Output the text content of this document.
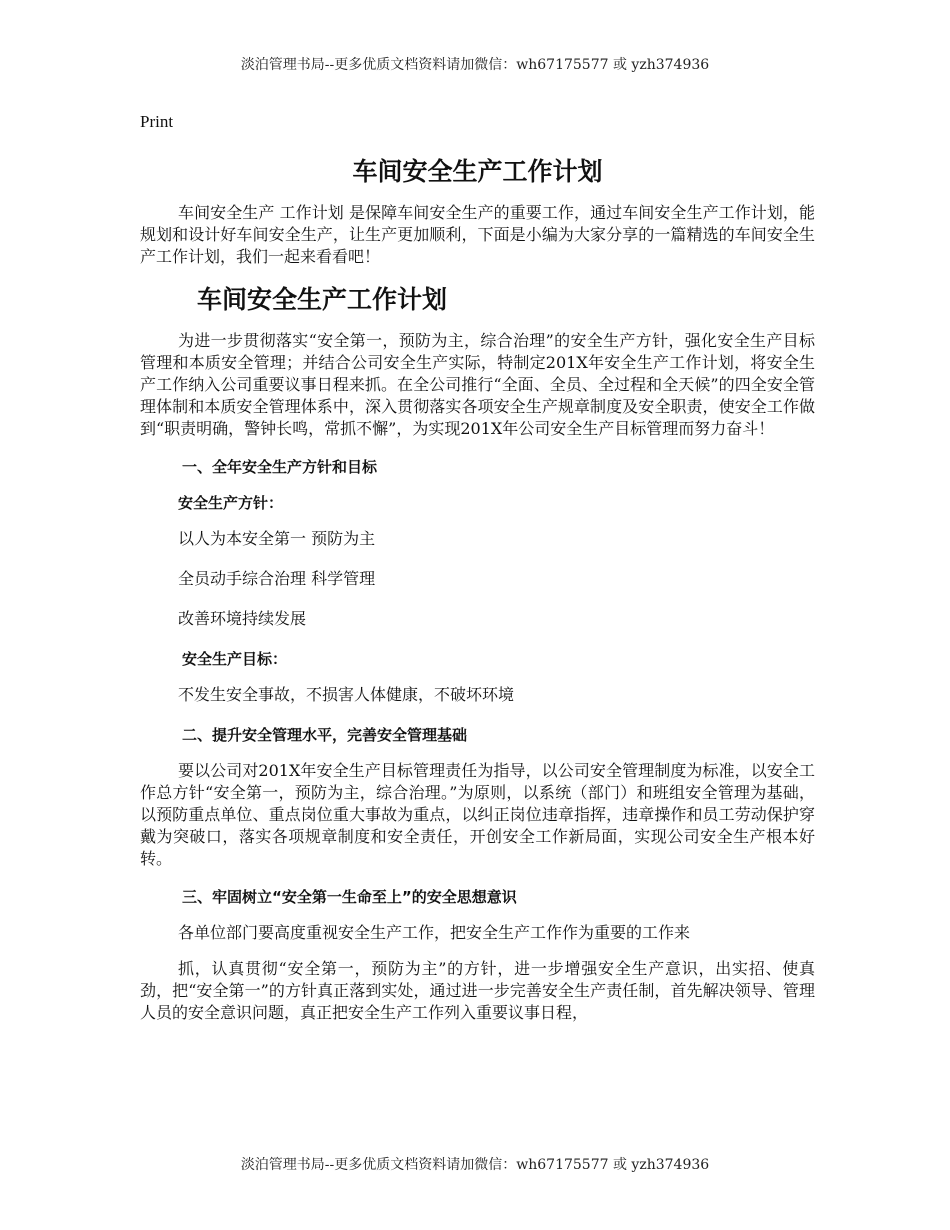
淡泊管理书局--更多优质文档资料请加微信：wh67175577 或 yzh374936
Print
车间安全生产工作计划

车间安全生产 工作计划 是保障车间安全生产的重要工作，通过车间安全生产工作计划，能规划和设计好车间安全生产，让生产更加顺利，下面是小编为大家分享的一篇精选的车间安全生产工作计划，我们一起来看看吧！

车间安全生产工作计划

为进一步贯彻落实“安全第一，预防为主，综合治理”的安全生产方针，强化安全生产目标管理和本质安全管理；并结合公司安全生产实际，特制定201X年安全生产工作计划，将安全生产工作纳入公司重要议事日程来抓。在全公司推行“全面、全员、全过程和全天候”的四全安全管理体制和本质安全管理体系中，深入贯彻落实各项安全生产规章制度及安全职责，使安全工作做到“职责明确，警钟长鸣，常抓不懈”，为实现201X年公司安全生产目标管理而努力奋斗！

一、全年安全生产方针和目标
安全生产方针：
以人为本安全第一 预防为主
全员动手综合治理 科学管理
改善环境持续发展
安全生产目标：
不发生安全事故，不损害人体健康，不破坏环境
二、提升安全管理水平，完善安全管理基础

要以公司对201X年安全生产目标管理责任为指导，以公司安全管理制度为标准，以安全工作总方针“安全第一，预防为主，综合治理。”为原则，以系统（部门）和班组安全管理为基础，以预防重点单位、重点岗位重大事故为重点，以纠正岗位违章指挥，违章操作和员工劳动保护穿戴为突破口，落实各项规章制度和安全责任，开创安全工作新局面，实现公司安全生产根本好转。

三、牢固树立“安全第一生命至上”的安全思想意识

各单位部门要高度重视安全生产工作，把安全生产工作作为重要的工作来

抓，认真贯彻“安全第一，预防为主”的方针，进一步增强安全生产意识，出实招、使真劲，把“安全第一”的方针真正落到实处，通过进一步完善安全生产责任制，首先解决领导、管理人员的安全意识问题，真正把安全生产工作列入重要议事日程，

淡泊管理书局--更多优质文档资料请加微信：wh67175577 或 yzh374936
